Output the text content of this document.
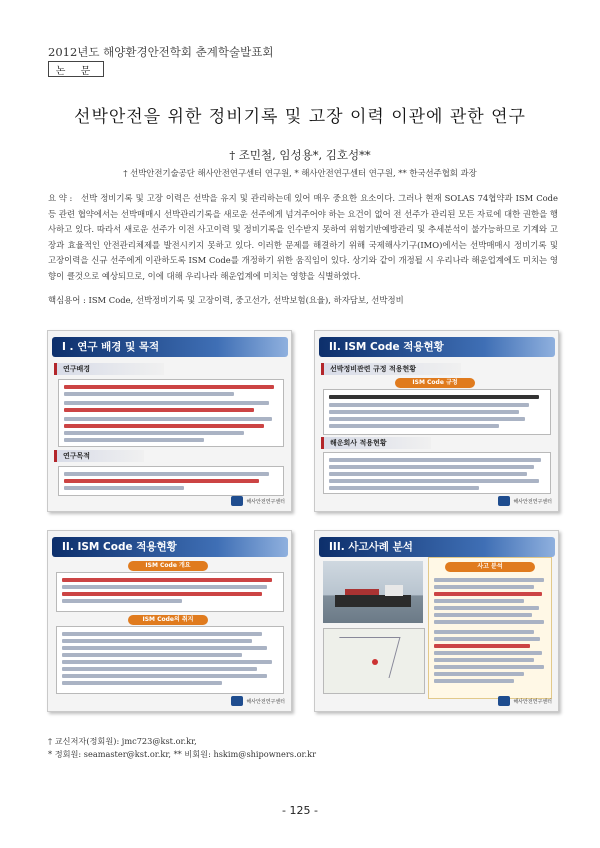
2012년도 해양환경안전학회 춘계학술발표회
논 문
선박안전을 위한 정비기록 및 고장 이력 이관에 관한 연구
† 조민철, 임성용*, 김호성**
† 선박안전기술공단 해사안전연구센터 연구원, * 해사안전연구센터 연구원, ** 한국선주협회 과장
요 약 :	선박 정비기록 및 고장 이력은 선박을 유지 및 관리하는데 있어 매우 중요한 요소이다. 그러나 현재 SOLAS 74협약과 ISM Code 등 관련 협약에서는 선박매매시 선박관리기록을 새로운 선주에게 넘겨주어야 하는 요건이 없어 전 선주가 관리된 모든 자료에 대한 권한을 행사하고 있다. 따라서 새로운 선주가 이전 사고이력 및 정비기록을 인수받지 못하여 위험기반예방관리 및 추세분석이 불가능하므로 기계와 고장과 효율적인 안전관리체제를 발전시키지 못하고 있다. 이러한 문제를 해결하기 위해 국제해사기구(IMO)에서는 선박매매시 정비기록 및 고장이력을 신규 선주에게 이관하도록 ISM Code를 개정하기 위한 움직임이 있다. 상기와 같이 개정될 시 우리나라 해운업계에도 미치는 영향이 클것으로 예상되므로, 이에 대해 우리나라 해운업계에 미치는 영향을 식별하였다.
핵심용어 : ISM Code, 선박정비기록 및 고장이력, 중고선가, 선박보험(요율), 하자담보, 선박정비
I . 연구 배경 및 목적
연구배경
연구목적
해사안전연구센터
II. ISM Code 적용현황
선박정비관련 규정 적용현황
ISM Code 규정
해운회사 적용현황
해사안전연구센터
II. ISM Code 적용현황
ISM Code 개요
ISM Code의 취지
해사안전연구센터
III. 사고사례 분석
사고 분석
해사안전연구센터
† 교신저자(정회원): jmc723@kst.or.kr,
* 정회원: seamaster@kst.or.kr, ** 비회원: hskim@shipowners.or.kr
- 125 -
